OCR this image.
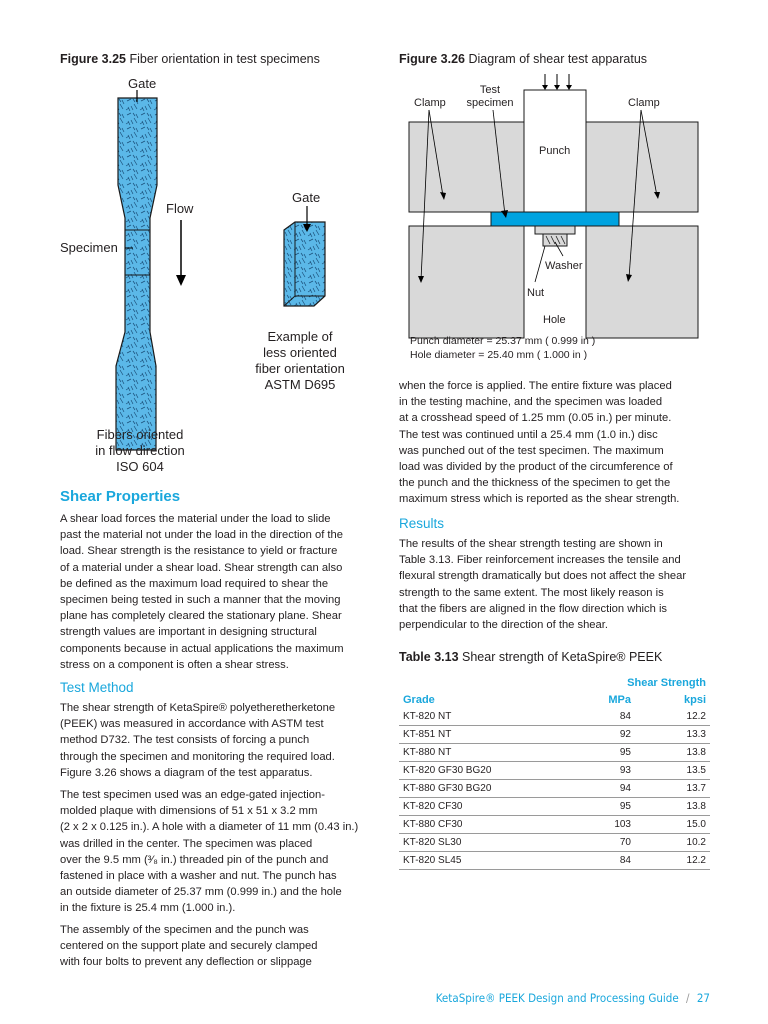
Figure 3.25 Fiber orientation in test specimens
Gate
Flow
Specimen
Gate
Fibers oriented
in flow direction
ISO 604
Example of
less oriented
fiber orientation
ASTM D695
Figure 3.26 Diagram of shear test apparatus
Clamp
Test
specimen	Clamp
Punch
Washer
Nut
Hole
Punch diameter = 25.37 mm ( 0.999 in )
Hole diameter = 25.40 mm ( 1.000 in )
Shear Properties

A shear load forces the material under the load to slide
past the material not under the load in the direction of the
load. Shear strength is the resistance to yield or fracture
of a material under a shear load. Shear strength can also
be defined as the maximum load required to shear the
specimen being tested in such a manner that the moving
plane has completely cleared the stationary plane. Shear
strength values are important in designing structural
components because in actual applications the maximum
stress on a component is often a shear stress.

Test Method

The shear strength of KetaSpire® polyetheretherketone
(PEEK) was measured in accordance with ASTM test
method D732. The test consists of forcing a punch
through the specimen and monitoring the required load.
Figure 3.26 shows a diagram of the test apparatus.

The test specimen used was an edge-gated injection-
molded plaque with dimensions of 51 x 51 x 3.2 mm
(2 x 2 x 0.125 in.). A hole with a diameter of 11 mm (0.43 in.)
was drilled in the center. The specimen was placed
over the 9.5 mm (³⁄₈ in.) threaded pin of the punch and
fastened in place with a washer and nut. The punch has
an outside diameter of 25.37 mm (0.999 in.) and the hole
in the fixture is 25.4 mm (1.000 in.).

The assembly of the specimen and the punch was
centered on the support plate and securely clamped
with four bolts to prevent any deflection or slippage

when the force is applied. The entire fixture was placed
in the testing machine, and the specimen was loaded
at a crosshead speed of 1.25 mm (0.05 in.) per minute.
The test was continued until a 25.4 mm (1.0 in.) disc
was punched out of the test specimen. The maximum
load was divided by the product of the circumference of
the punch and the thickness of the specimen to get the
maximum stress which is reported as the shear strength.

Results

The results of the shear strength testing are shown in
Table 3.13. Fiber reinforcement increases the tensile and
flexural strength dramatically but does not affect the shear
strength to the same extent. The most likely reason is
that the fibers are aligned in the flow direction which is
perpendicular to the direction of the shear.

Table 3.13 Shear strength of KetaSpire® PEEK
	Shear Strength	
Grade	MPa	kpsi
KT-820 NT	84	12.2
KT-851 NT	92	13.3
KT-880 NT	95	13.8
KT-820 GF30 BG20	93	13.5
KT-880 GF30 BG20	94	13.7
KT-820 CF30	95	13.8
KT-880 CF30	103	15.0
KT-820 SL30	70	10.2
KT-820 SL45	84	12.2
KetaSpire® PEEK Design and Processing Guide / 27
